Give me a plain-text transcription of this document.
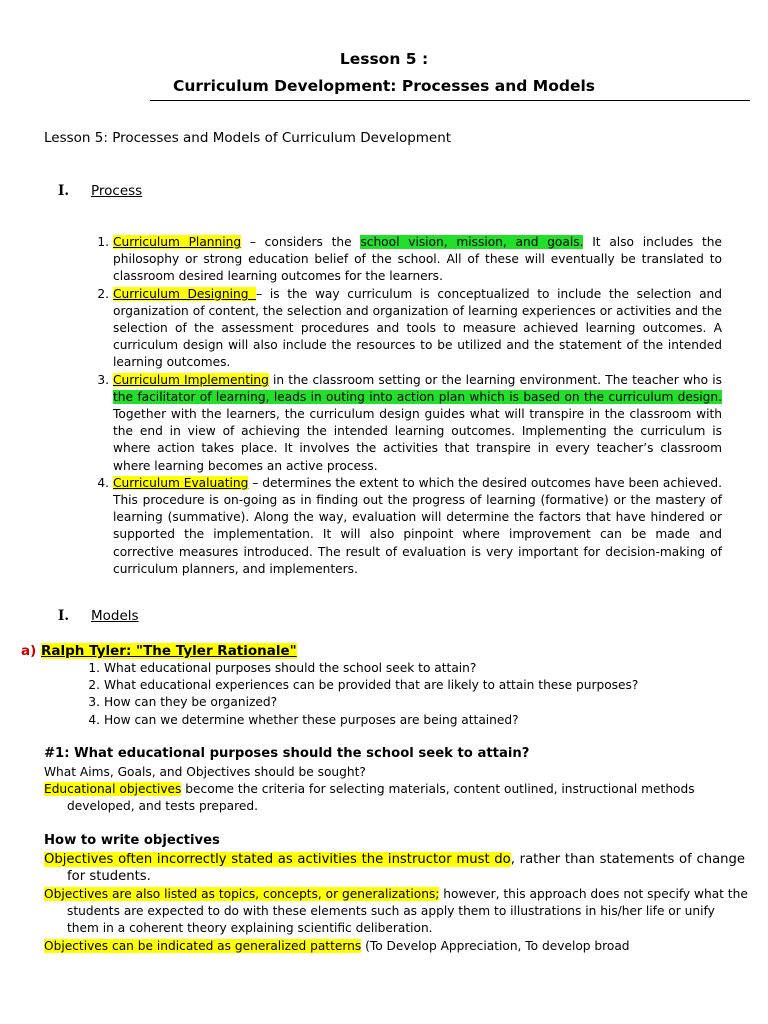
Lesson 5 :
Curriculum Development: Processes and Models
Lesson 5: Processes and Models of Curriculum Development
I. Process
1. Curriculum Planning – considers the school vision, mission, and goals. It also includes the philosophy or strong education belief of the school. All of these will eventually be translated to classroom desired learning outcomes for the learners.
2. Curriculum Designing – is the way curriculum is conceptualized to include the selection and organization of content, the selection and organization of learning experiences or activities and the selection of the assessment procedures and tools to measure achieved learning outcomes. A curriculum design will also include the resources to be utilized and the statement of the intended learning outcomes.
3. Curriculum Implementing in the classroom setting or the learning environment. The teacher who is the facilitator of learning, leads in outing into action plan which is based on the curriculum design. Together with the learners, the curriculum design guides what will transpire in the classroom with the end in view of achieving the intended learning outcomes. Implementing the curriculum is where action takes place. It involves the activities that transpire in every teacher’s classroom where learning becomes an active process.
4. Curriculum Evaluating – determines the extent to which the desired outcomes have been achieved. This procedure is on-going as in finding out the progress of learning (formative) or the mastery of learning (summative). Along the way, evaluation will determine the factors that have hindered or supported the implementation. It will also pinpoint where improvement can be made and corrective measures introduced. The result of evaluation is very important for decision-making of curriculum planners, and implementers.
I. Models
a) Ralph Tyler: "The Tyler Rationale"
1. What educational purposes should the school seek to attain?
2. What educational experiences can be provided that are likely to attain these purposes?
3. How can they be organized?
4. How can we determine whether these purposes are being attained?
#1: What educational purposes should the school seek to attain?
What Aims, Goals, and Objectives should be sought?
Educational objectives become the criteria for selecting materials, content outlined, instructional methods developed, and tests prepared.
How to write objectives
Objectives often incorrectly stated as activities the instructor must do, rather than statements of change for students.
Objectives are also listed as topics, concepts, or generalizations; however, this approach does not specify what the students are expected to do with these elements such as apply them to illustrations in his/her life or unify them in a coherent theory explaining scientific deliberation.
Objectives can be indicated as generalized patterns (To Develop Appreciation, To develop broad
